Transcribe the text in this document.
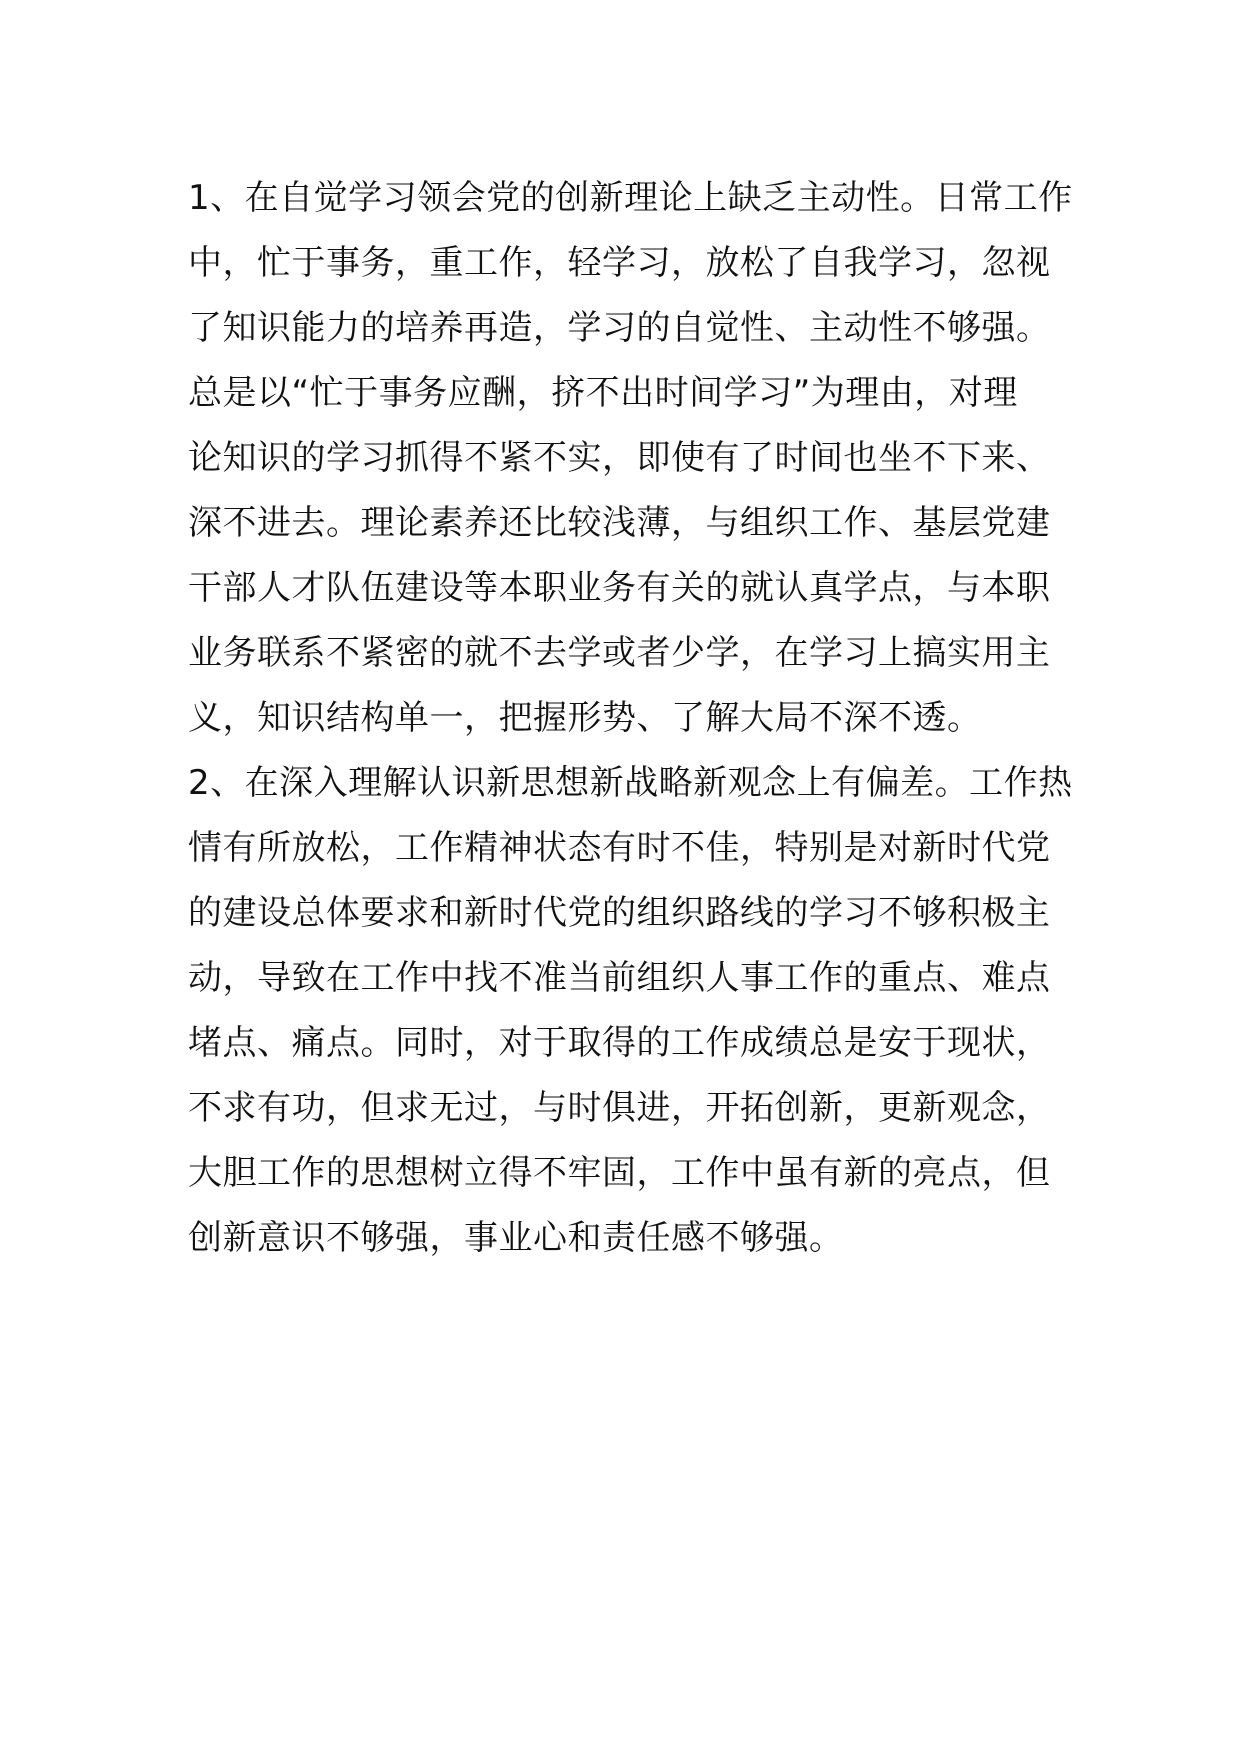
1、在自觉学习领会党的创新理论上缺乏主动性。日常工作
中，忙于事务，重工作，轻学习，放松了自我学习，忽视
了知识能力的培养再造，学习的自觉性、主动性不够强。
总是以“忙于事务应酬，挤不出时间学习”为理由，对理
论知识的学习抓得不紧不实，即使有了时间也坐不下来、
深不进去。理论素养还比较浅薄，与组织工作、基层党建
干部人才队伍建设等本职业务有关的就认真学点，与本职
业务联系不紧密的就不去学或者少学，在学习上搞实用主
义，知识结构单一，把握形势、了解大局不深不透。
2、在深入理解认识新思想新战略新观念上有偏差。工作热
情有所放松，工作精神状态有时不佳，特别是对新时代党
的建设总体要求和新时代党的组织路线的学习不够积极主
动，导致在工作中找不准当前组织人事工作的重点、难点
堵点、痛点。同时，对于取得的工作成绩总是安于现状，
不求有功，但求无过，与时俱进，开拓创新，更新观念，
大胆工作的思想树立得不牢固，工作中虽有新的亮点，但
创新意识不够强，事业心和责任感不够强。
